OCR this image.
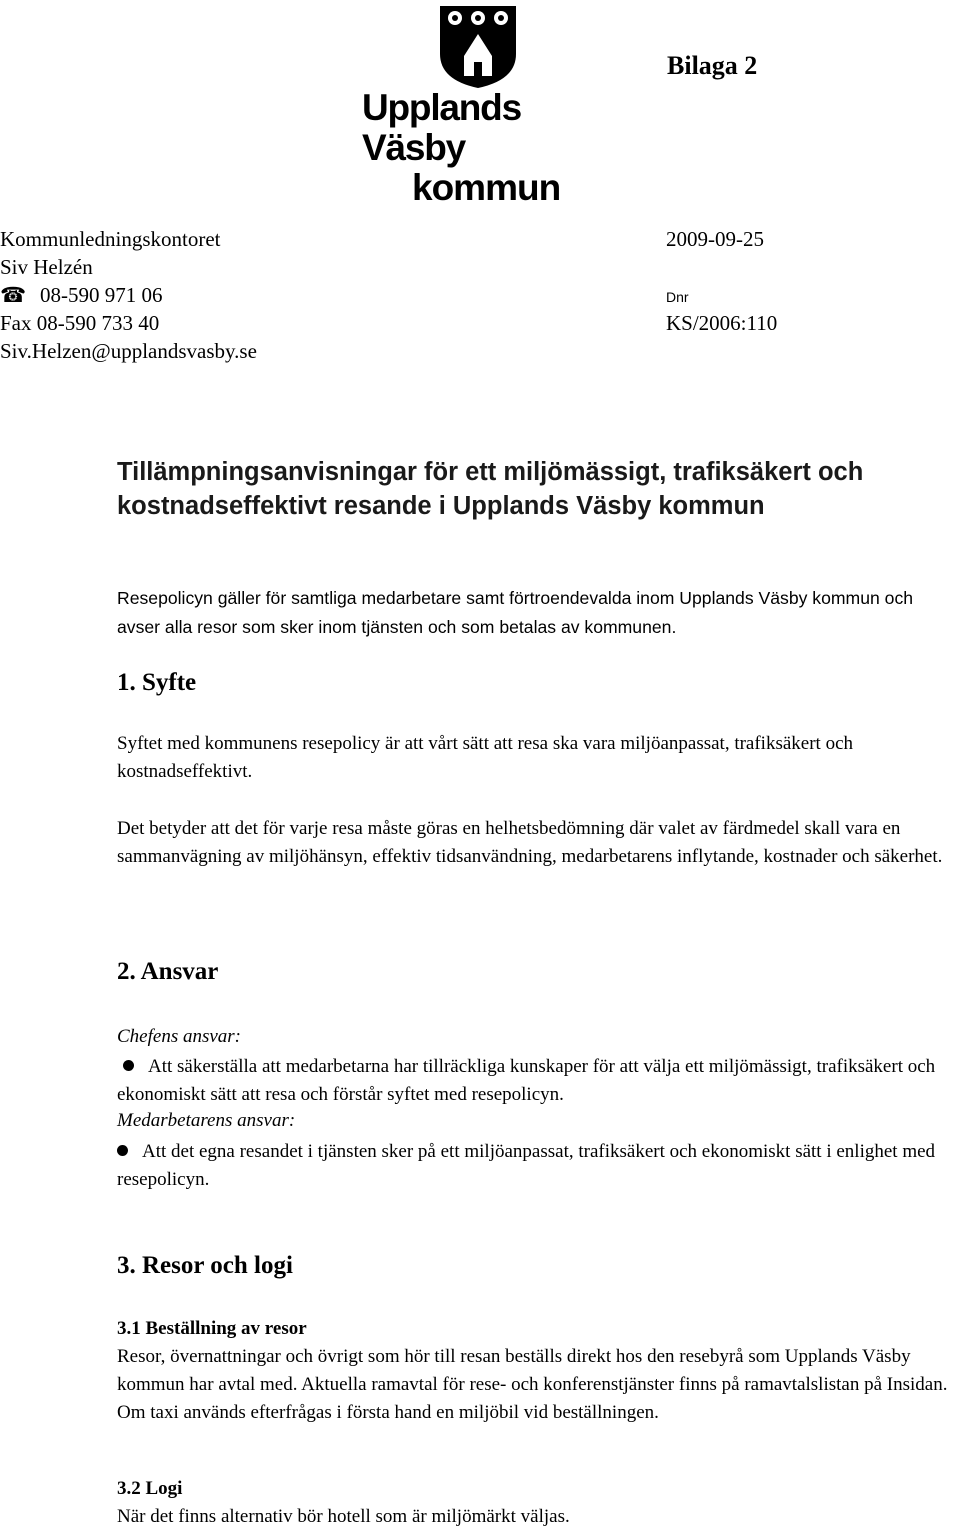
Upplands Väsby
kommun
Bilaga 2
Kommunledningskontoret
Siv Helzén
☎ 08-590 971 06
Fax 08-590 733 40
Siv.Helzen@upplandsvasby.se
2009-09-25
Dnr
KS/2006:110
Tillämpningsanvisningar för ett miljömässigt, trafiksäkert och kostnadseffektivt resande i Upplands Väsby kommun
Resepolicyn gäller för samtliga medarbetare samt förtroendevalda inom Upplands Väsby kommun och avser alla resor som sker inom tjänsten och som betalas av kommunen.
1. Syfte
Syftet med kommunens resepolicy är att vårt sätt att resa ska vara miljöanpassat, trafiksäkert och kostnadseffektivt.
Det betyder att det för varje resa måste göras en helhetsbedömning där valet av färdmedel skall vara en sammanvägning av miljöhänsyn, effektiv tidsanvändning, medarbetarens inflytande, kostnader och säkerhet.
2. Ansvar
Chefens ansvar:
Att säkerställa att medarbetarna har tillräckliga kunskaper för att välja ett miljömässigt, trafiksäkert och ekonomiskt sätt att resa och förstår syftet med resepolicyn.
Medarbetarens ansvar:
Att det egna resandet i tjänsten sker på ett miljöanpassat, trafiksäkert och ekonomiskt sätt i enlighet med resepolicyn.
3. Resor och logi
3.1 Beställning av resor
Resor, övernattningar och övrigt som hör till resan beställs direkt hos den resebyrå som Upplands Väsby kommun har avtal med. Aktuella ramavtal för rese- och konferenstjänster finns på ramavtalslistan på Insidan. Om taxi används efterfrågas i första hand en miljöbil vid beställningen.
3.2 Logi
När det finns alternativ bör hotell som är miljömärkt väljas.
